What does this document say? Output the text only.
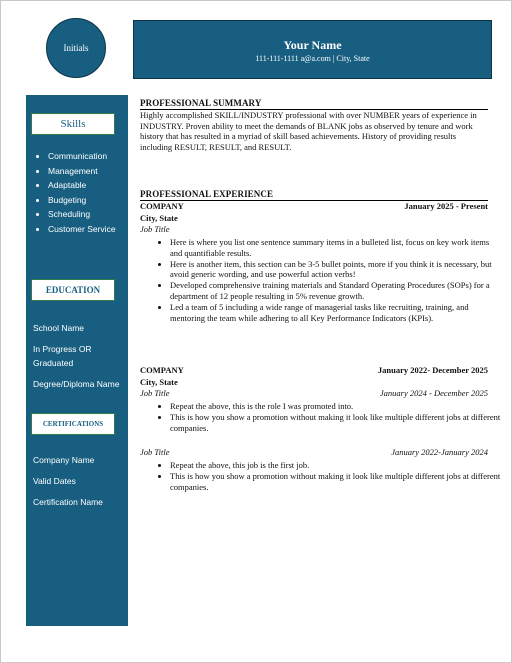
Initials	Your Name
111-111-1111 a@a.com | City, State
Skills
• Communication
• Management
• Adaptable
• Budgeting
• Scheduling
• Customer Service
EDUCATION
School Name
In Progress OR Graduated
Degree/Diploma Name
CERTIFICATIONS
Company Name
Valid Dates
Certification Name
PROFESSIONAL SUMMARY
Highly accomplished SKILL/INDUSTRY professional with over NUMBER years of experience in INDUSTRY. Proven ability to meet the demands of BLANK jobs as observed by tenure and work history that has resulted in a myriad of skill based achievements. History of providing results including RESULT, RESULT, and RESULT.
PROFESSIONAL EXPERIENCE
COMPANY	January 2025 - Present
City, State
Job Title
• Here is where you list one sentence summary items in a bulleted list, focus on key work items and quantifiable results.
• Here is another item, this section can be 3-5 bullet points, more if you think it is necessary, but avoid generic wording, and use powerful action verbs!
• Developed comprehensive training materials and Standard Operating Procedures (SOPs) for a department of 12 people resulting in 5% revenue growth.
• Led a team of 5 including a wide range of managerial tasks like recruiting, training, and mentoring the team while adhering to all Key Performance Indicators (KPIs).
COMPANY	January 2022- December 2025
City, State
Job Title	January 2024 - December 2025
• Repeat the above, this is the role I was promoted into.
• This is how you show a promotion without making it look like multiple different jobs at different companies.
Job Title	January 2022-January 2024
• Repeat the above, this job is the first job.
• This is how you show a promotion without making it look like multiple different jobs at different companies.
